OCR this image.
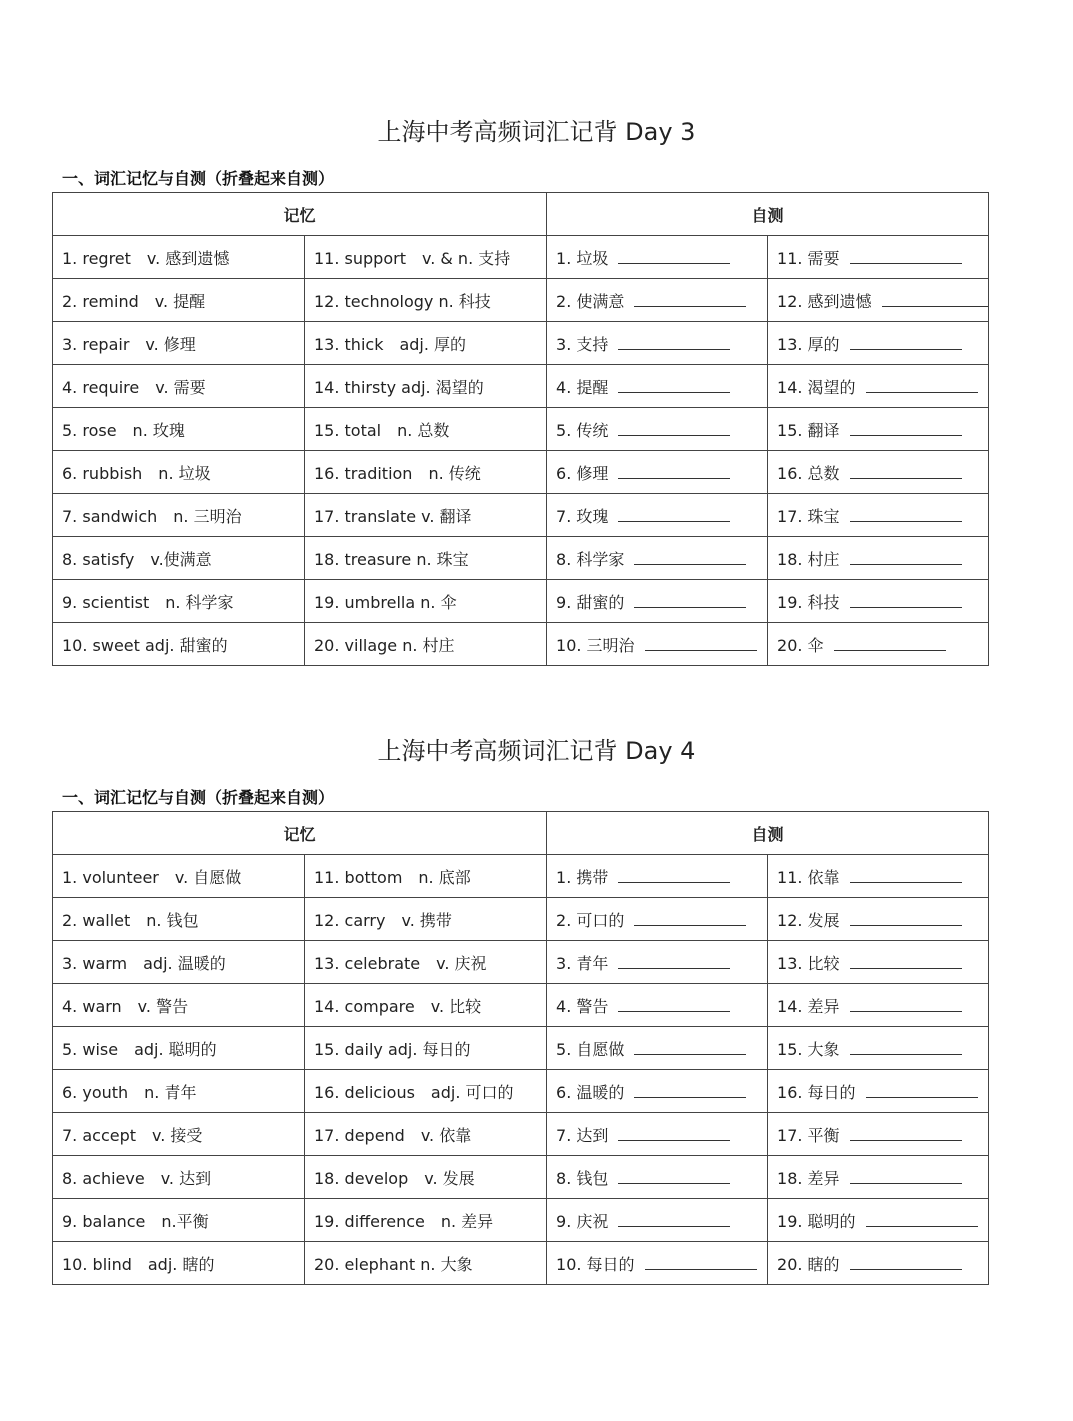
上海中考高频词汇记背 Day 3

一、词汇记忆与自测（折叠起来自测）

记忆		自测	
1. regret　v. 感到遗憾	11. support　v. & n. 支持	1. 垃圾	11. 需要
2. remind　v. 提醒	12. technology n. 科技	2. 使满意	12. 感到遗憾
3. repair　v. 修理	13. thick　adj. 厚的	3. 支持	13. 厚的
4. require　v. 需要	14. thirsty adj. 渴望的	4. 提醒	14. 渴望的
5. rose　n. 玫瑰	15. total　n. 总数	5. 传统	15. 翻译
6. rubbish　n. 垃圾	16. tradition　n. 传统	6. 修理	16. 总数
7. sandwich　n. 三明治	17. translate v. 翻译	7. 玫瑰	17. 珠宝
8. satisfy　v.使满意	18. treasure n. 珠宝	8. 科学家	18. 村庄
9. scientist　n. 科学家	19. umbrella n. 伞	9. 甜蜜的	19. 科技
10. sweet adj. 甜蜜的	20. village n. 村庄	10. 三明治	20. 伞
上海中考高频词汇记背 Day 4

一、词汇记忆与自测（折叠起来自测）

记忆		自测	
1. volunteer　v. 自愿做	11. bottom　n. 底部	1. 携带	11. 依靠
2. wallet　n. 钱包	12. carry　v. 携带	2. 可口的	12. 发展
3. warm　adj. 温暖的	13. celebrate　v. 庆祝	3. 青年	13. 比较
4. warn　v. 警告	14. compare　v. 比较	4. 警告	14. 差异
5. wise　adj. 聪明的	15. daily adj. 每日的	5. 自愿做	15. 大象
6. youth　n. 青年	16. delicious　adj. 可口的	6. 温暖的	16. 每日的
7. accept　v. 接受	17. depend　v. 依靠	7. 达到	17. 平衡
8. achieve　v. 达到	18. develop　v. 发展	8. 钱包	18. 差异
9. balance　n.平衡	19. difference　n. 差异	9. 庆祝	19. 聪明的
10. blind　adj. 瞎的	20. elephant n. 大象	10. 每日的	20. 瞎的
